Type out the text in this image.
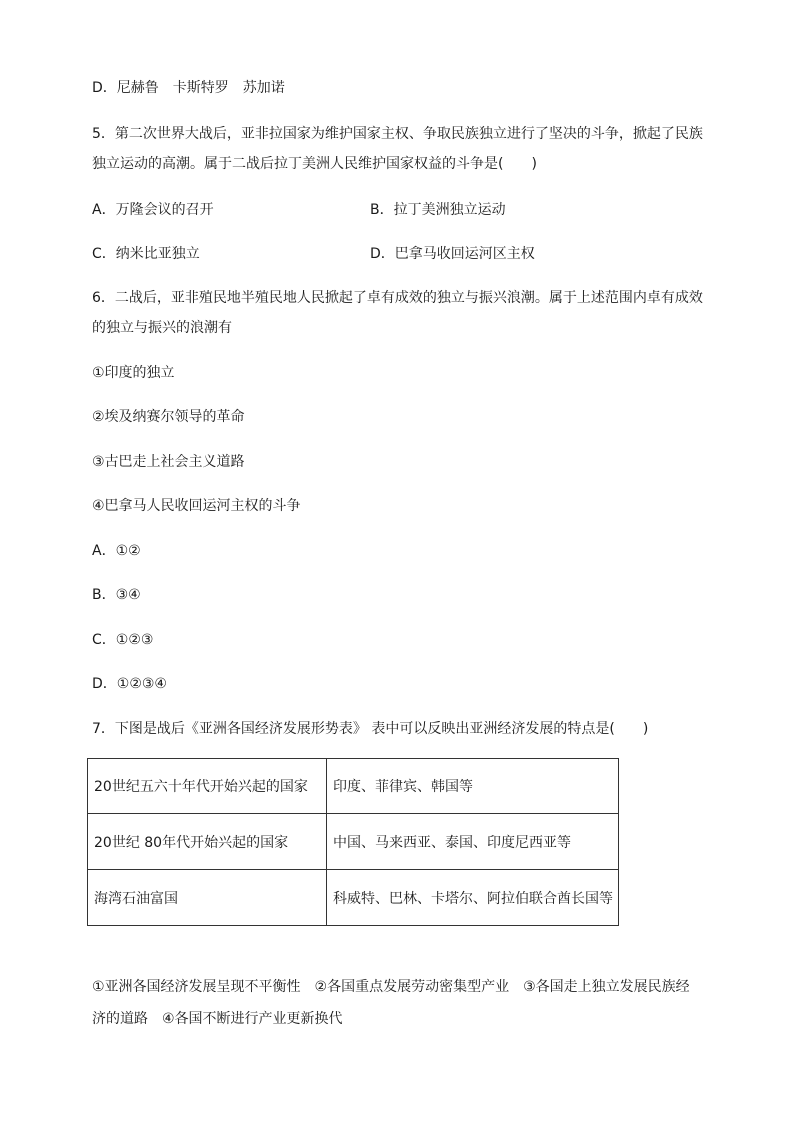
D．尼赫鲁　卡斯特罗　苏加诺
5．第二次世界大战后，亚非拉国家为维护国家主权、争取民族独立进行了坚决的斗争，掀起了民族
独立运动的高潮。属于二战后拉丁美洲人民维护国家权益的斗争是(　　)
A．万隆会议的召开	B．拉丁美洲独立运动
C．纳米比亚独立	D．巴拿马收回运河区主权
6．二战后，亚非殖民地半殖民地人民掀起了卓有成效的独立与振兴浪潮。属于上述范围内卓有成效
的独立与振兴的浪潮有
①印度的独立
②埃及纳赛尔领导的革命
③古巴走上社会主义道路
④巴拿马人民收回运河主权的斗争
A．①②
B．③④
C．①②③
D．①②③④
7．下图是战后《亚洲各国经济发展形势表》 表中可以反映出亚洲经济发展的特点是(　　)
20世纪五六十年代开始兴起的国家	印度、菲律宾、韩国等
20世纪 80年代开始兴起的国家	中国、马来西亚、泰国、印度尼西亚等
海湾石油富国	科威特、巴林、卡塔尔、阿拉伯联合酋长国等
①亚洲各国经济发展呈现不平衡性　②各国重点发展劳动密集型产业　③各国走上独立发展民族经
济的道路　④各国不断进行产业更新换代
